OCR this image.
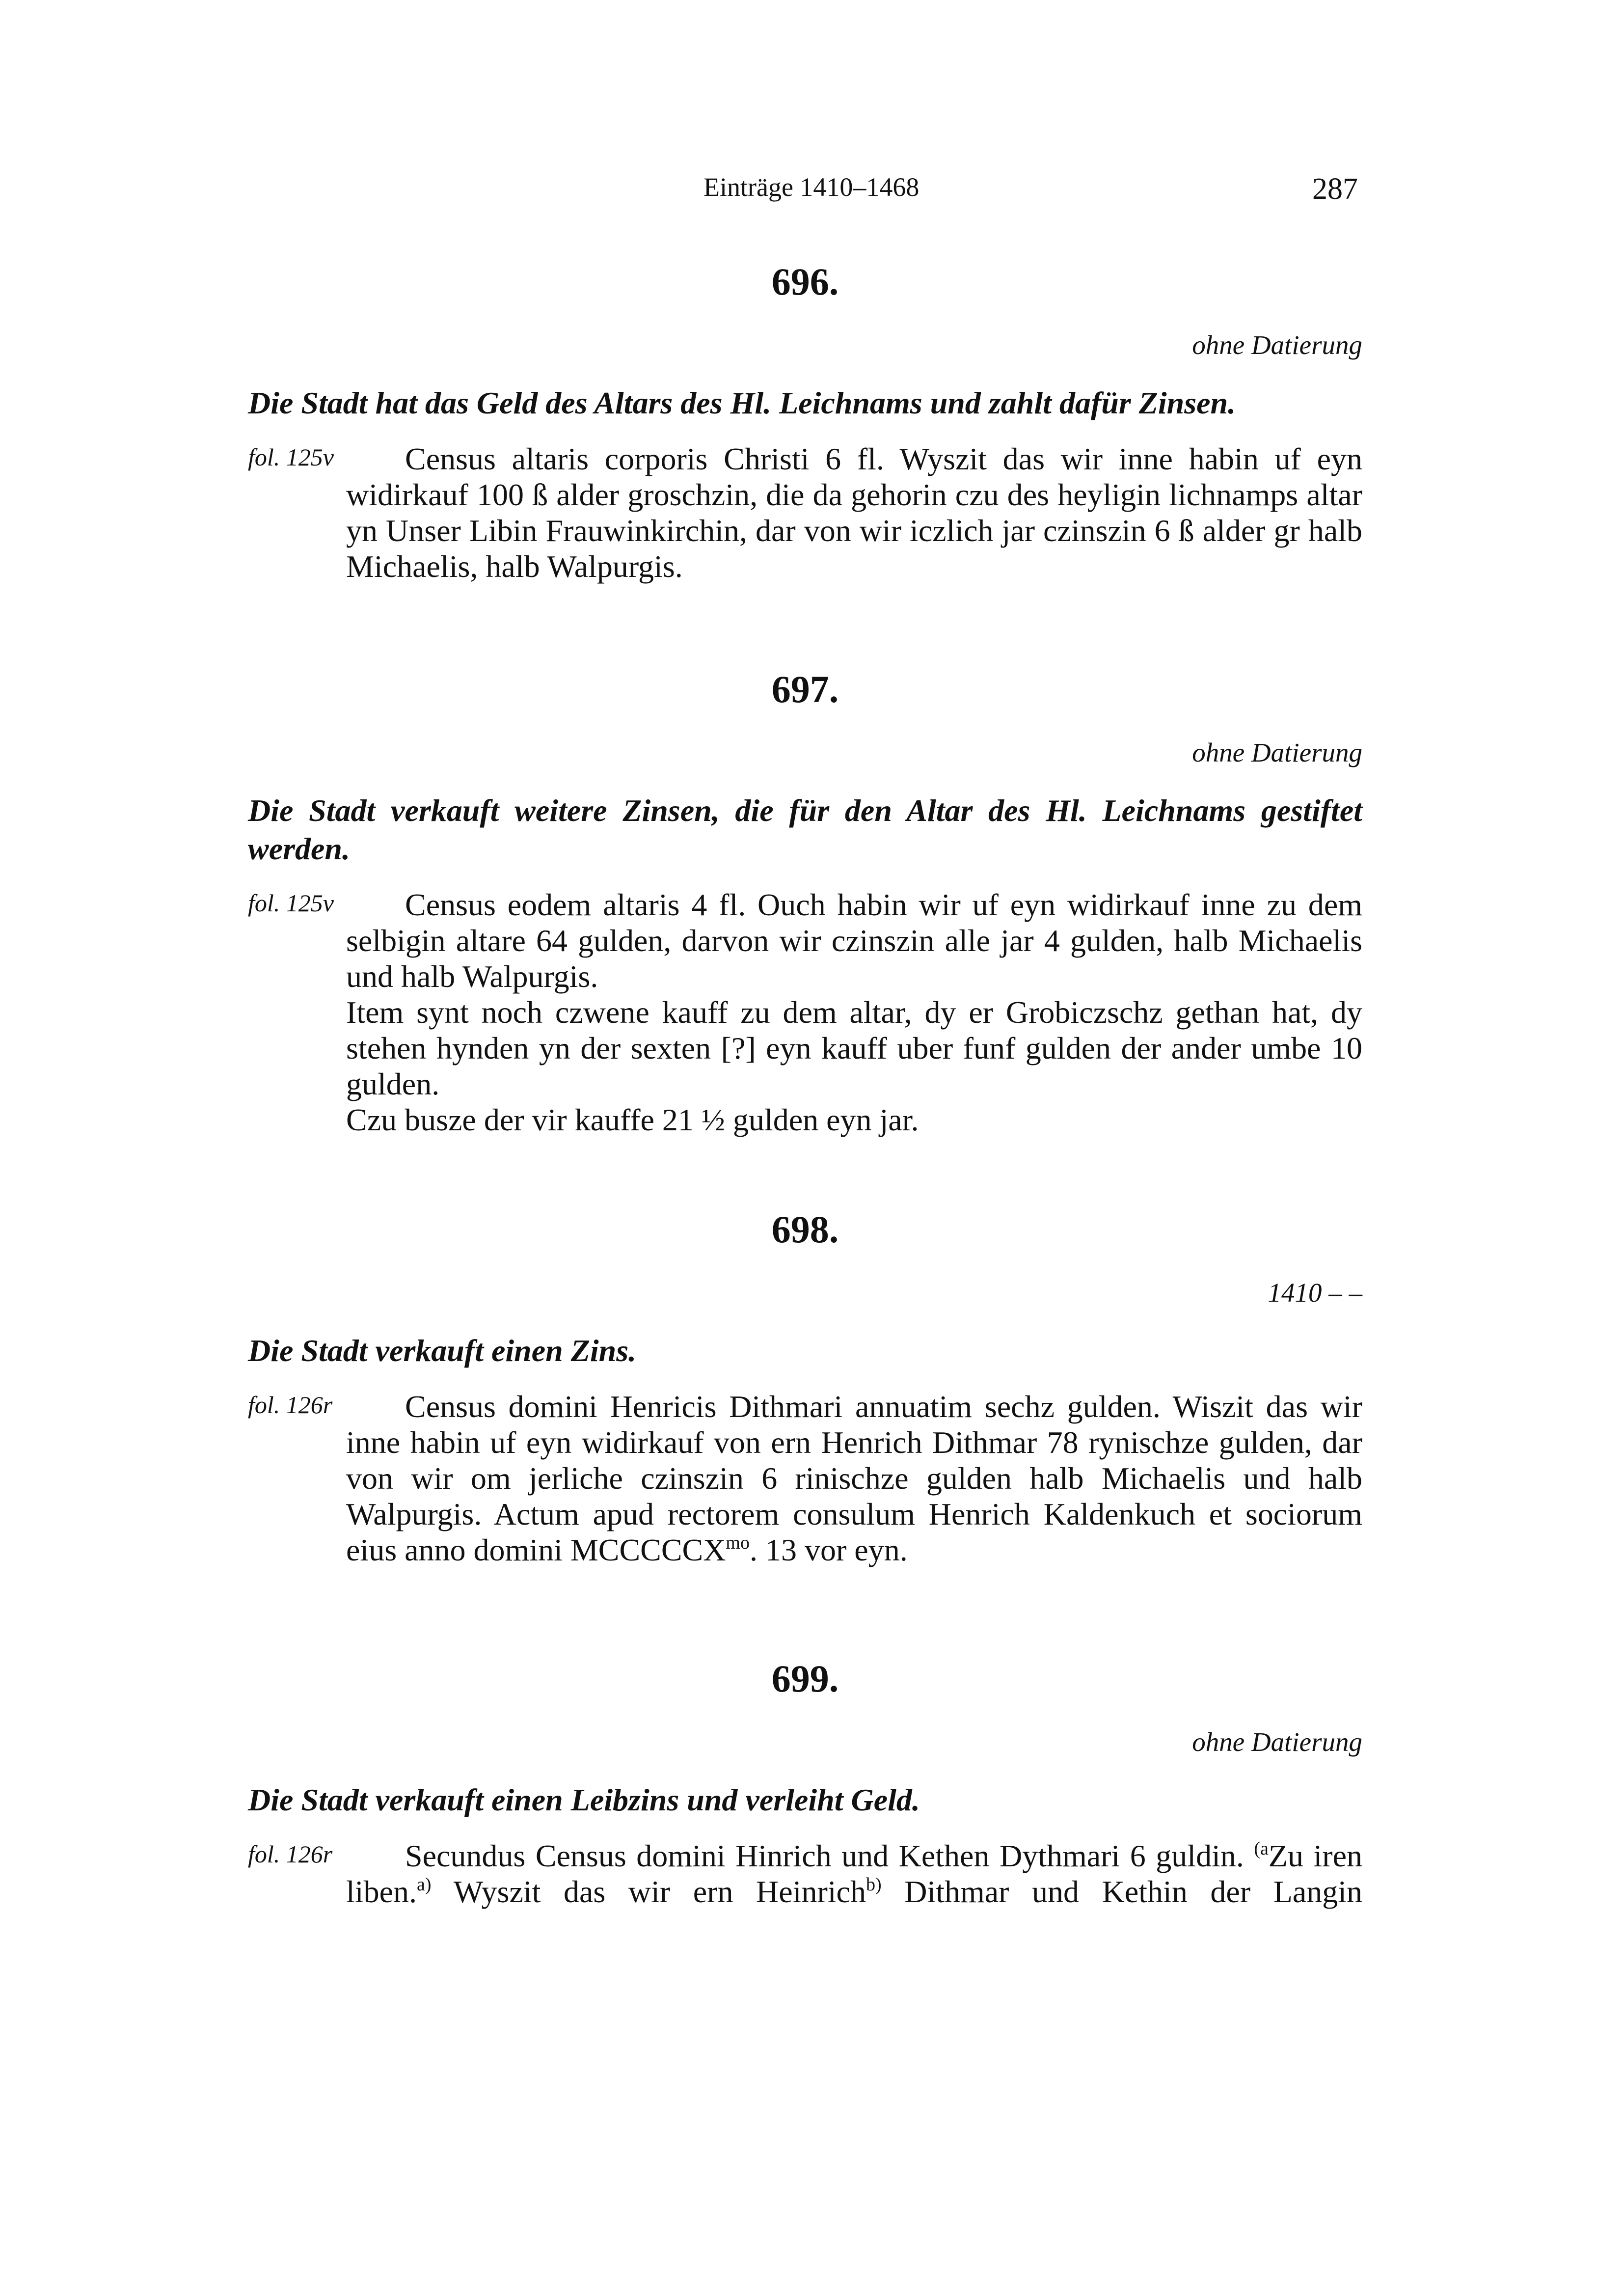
Einträge 1410–1468	287
696.
ohne Datierung
Die Stadt hat das Geld des Altars des Hl. Leichnams und zahlt dafür Zinsen.
fol. 125v	Census altaris corporis Christi 6 fl. Wyszit das wir inne habin uf eyn widirkauf 100 ß alder groschzin, die da gehorin czu des heyligin lichnamps altar yn Unser Libin Frauwinkirchin, dar von wir iczlich jar czinszin 6 ß alder gr halb Michaelis, halb Walpurgis.

697.
ohne Datierung
Die Stadt verkauft weitere Zinsen, die für den Altar des Hl. Leichnams gestiftet werden.
fol. 125v	Census eodem altaris 4 fl. Ouch habin wir uf eyn widirkauf inne zu dem selbigin altare 64 gulden, darvon wir czinszin alle jar 4 gulden, halb Michaelis und halb Walpurgis.

Item synt noch czwene kauff zu dem altar, dy er Grobiczschz gethan hat, dy stehen hynden yn der sexten [?] eyn kauff uber funf gulden der ander umbe 10 gulden.

Czu busze der vir kauffe 21 ½ gulden eyn jar.

698.
1410 – –
Die Stadt verkauft einen Zins.
fol. 126r	Census domini Henricis Dithmari annuatim sechz gulden. Wiszit das wir inne habin uf eyn widirkauf von ern Henrich Dithmar 78 rynischze gulden, dar von wir om jerliche czinszin 6 rinischze gulden halb Michaelis und halb Walpurgis. Actum apud rectorem consulum Henrich Kaldenkuch et sociorum eius anno domini $MCCCCCX^{mo}$. 13 vor eyn.

699.
ohne Datierung
Die Stadt verkauft einen Leibzins und verleiht Geld.
fol. 126r	Secundus Census domini Hinrich und Kethen Dythmari 6 guldin. $^{(a}$Zu iren liben.$^{a)}$ Wyszit das wir ern Heinrich$^{b)}$ Dithmar und Kethin der Langin
